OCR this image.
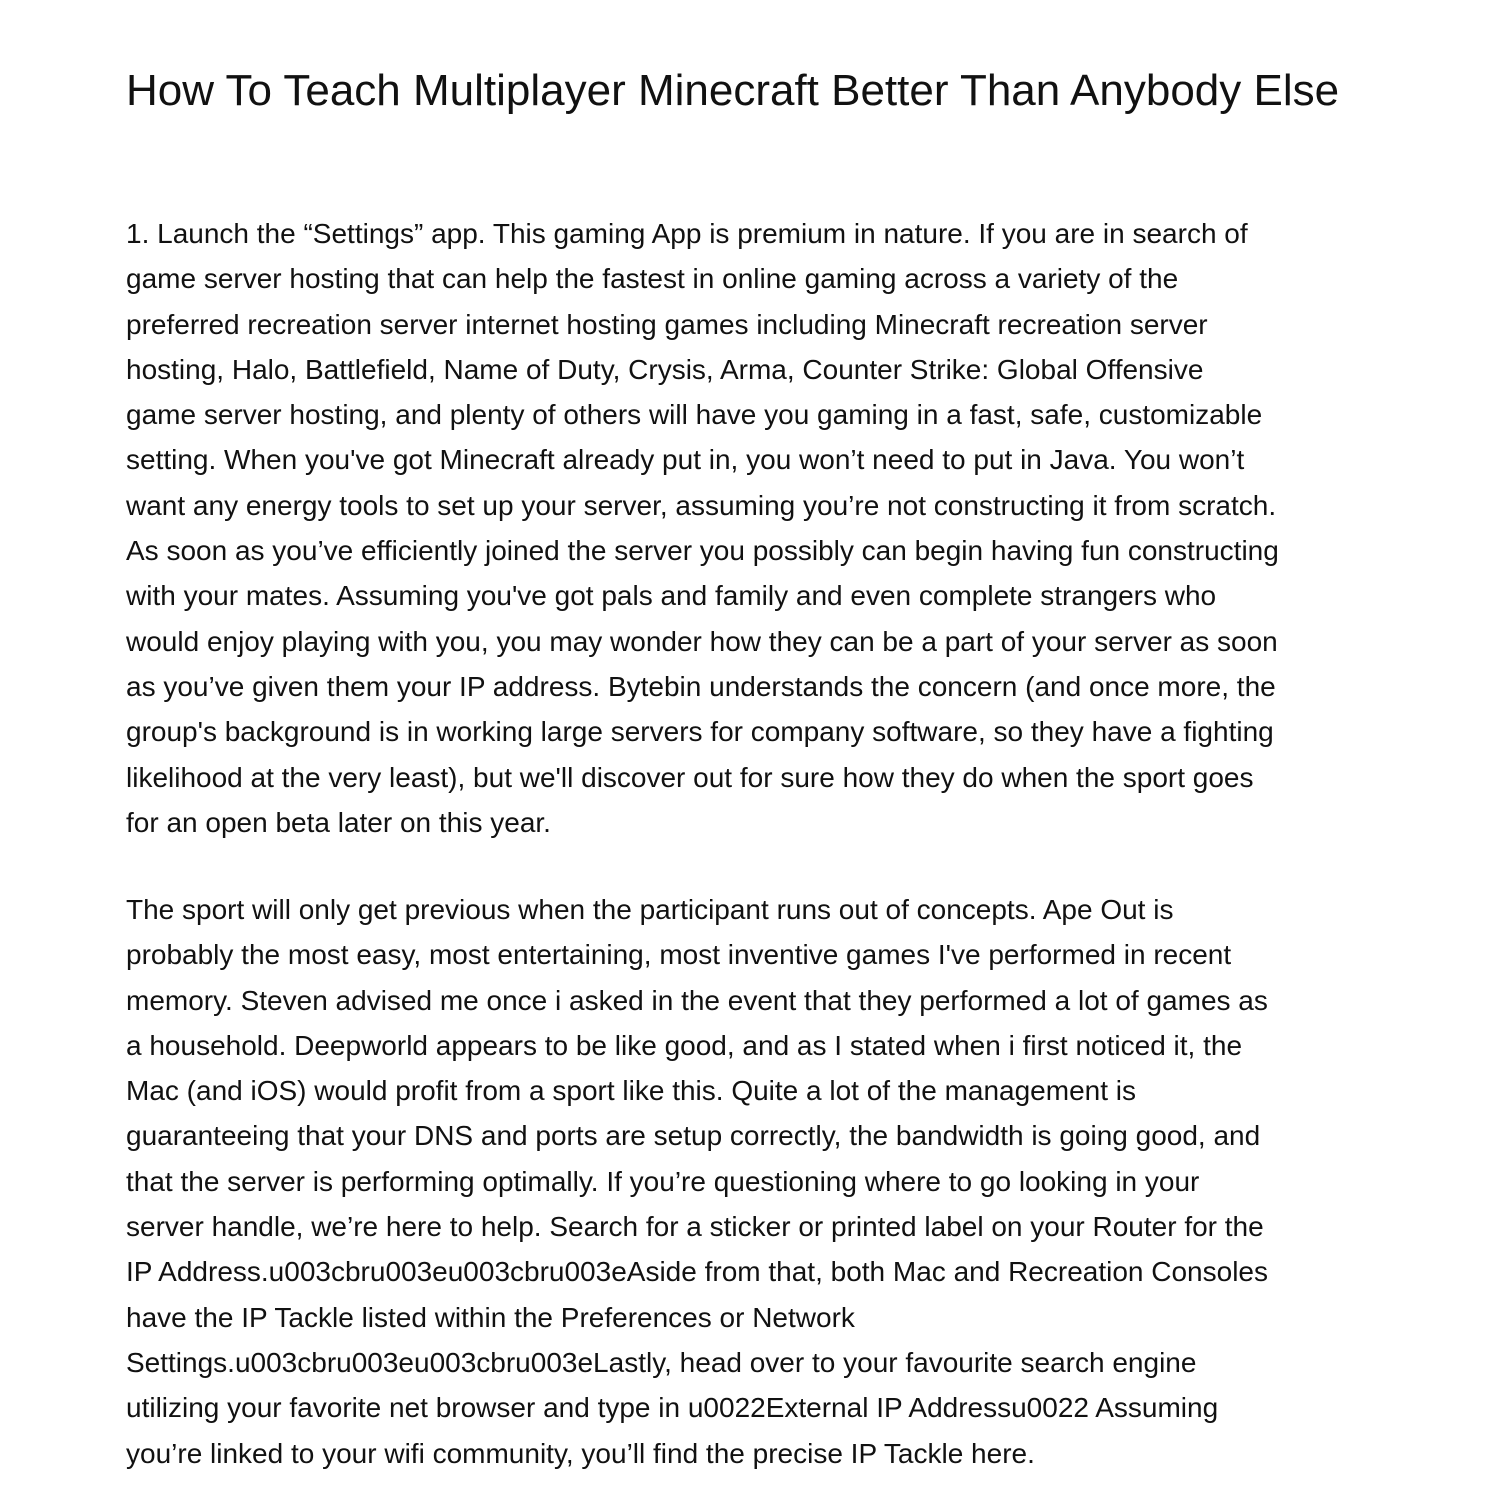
How To Teach Multiplayer Minecraft Better Than Anybody Else

1. Launch the “Settings” app. This gaming App is premium in nature. If you are in search of
game server hosting that can help the fastest in online gaming across a variety of the
preferred recreation server internet hosting games including Minecraft recreation server
hosting, Halo, Battlefield, Name of Duty, Crysis, Arma, Counter Strike: Global Offensive
game server hosting, and plenty of others will have you gaming in a fast, safe, customizable
setting. When you've got Minecraft already put in, you won’t need to put in Java. You won’t
want any energy tools to set up your server, assuming you’re not constructing it from scratch.
As soon as you’ve efficiently joined the server you possibly can begin having fun constructing
with your mates. Assuming you've got pals and family and even complete strangers who
would enjoy playing with you, you may wonder how they can be a part of your server as soon
as you’ve given them your IP address. Bytebin understands the concern (and once more, the
group's background is in working large servers for company software, so they have a fighting
likelihood at the very least), but we'll discover out for sure how they do when the sport goes
for an open beta later on this year.

The sport will only get previous when the participant runs out of concepts. Ape Out is
probably the most easy, most entertaining, most inventive games I've performed in recent
memory. Steven advised me once i asked in the event that they performed a lot of games as
a household. Deepworld appears to be like good, and as I stated when i first noticed it, the
Mac (and iOS) would profit from a sport like this. Quite a lot of the management is
guaranteeing that your DNS and ports are setup correctly, the bandwidth is going good, and
that the server is performing optimally. If you’re questioning where to go looking in your
server handle, we’re here to help. Search for a sticker or printed label on your Router for the
IP Address.u003cbru003eu003cbru003eAside from that, both Mac and Recreation Consoles
have the IP Tackle listed within the Preferences or Network
Settings.u003cbru003eu003cbru003eLastly, head over to your favourite search engine
utilizing your favorite net browser and type in u0022External IP Addressu0022 Assuming
you’re linked to your wifi community, you’ll find the precise IP Tackle here.
